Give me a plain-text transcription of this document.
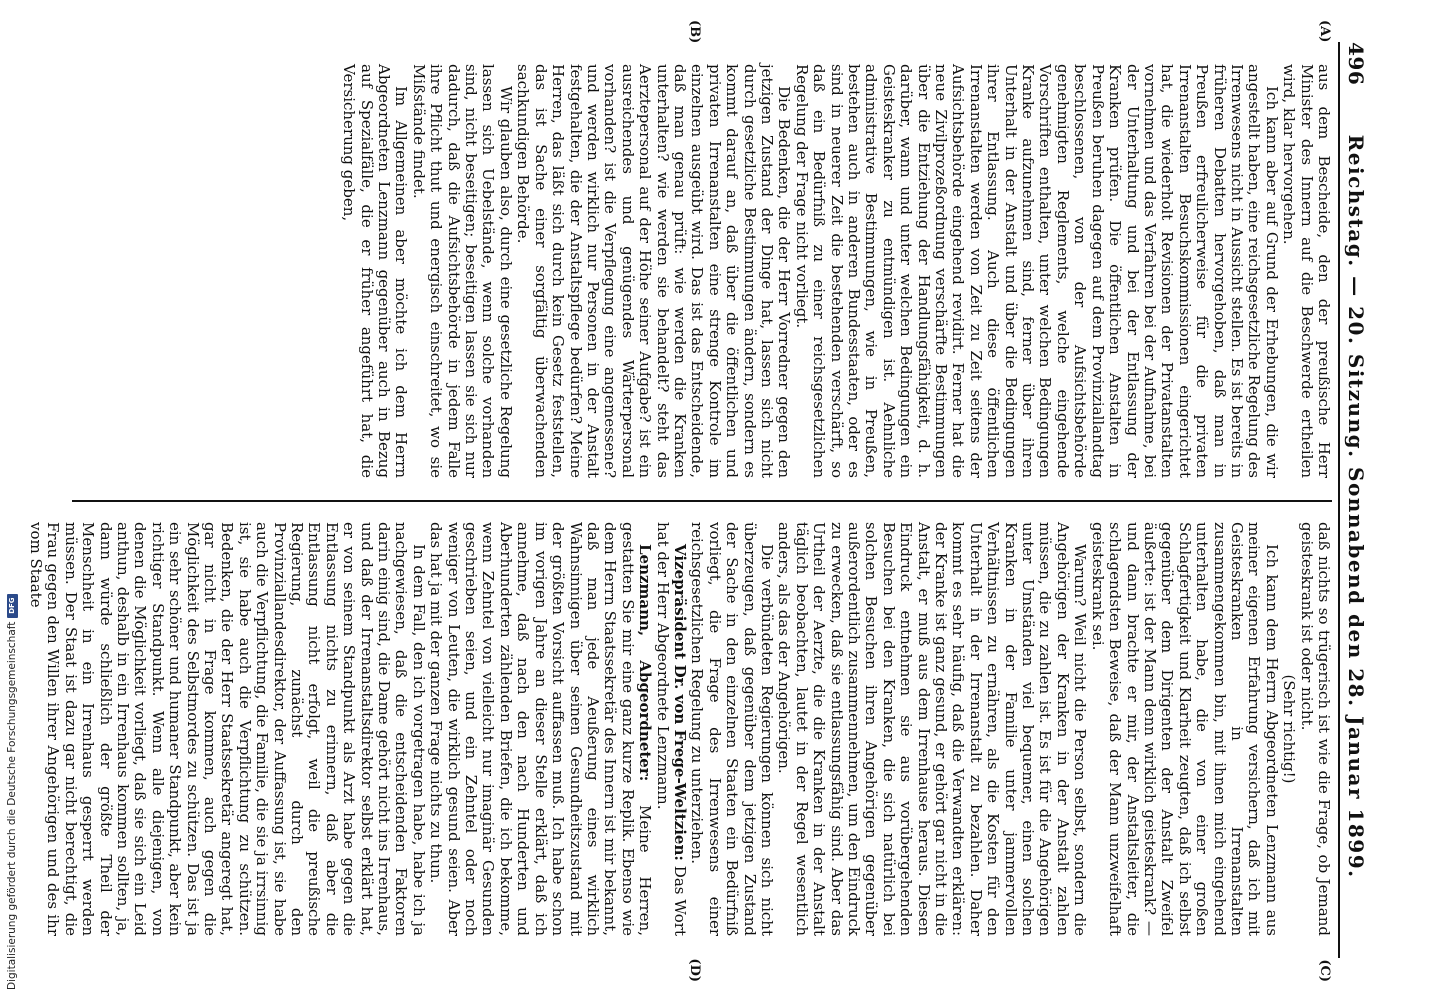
496
Reichstag. — 20. Sitzung. Sonnabend den 28. Januar 1899.
(A)
(B)
(C)
(D)

aus dem Bescheide, den der preußische Herr Minister des Innern auf die Beschwerde ertheilen wird, klar hervorgehen.

Ich kann aber auf Grund der Erhebungen, die wir angestellt haben, eine reichsgesetzliche Regelung des Irrenwesens nicht in Aussicht stellen. Es ist bereits in früheren Debatten hervorgehoben, daß man in Preußen erfreulicherweise für die privaten Irrenanstalten Besuchskommissionen eingerichtet hat, die wiederholt Revisionen der Privatanstalten vornehmen und das Verfahren bei der Aufnahme, bei der Unterhaltung und bei der Entlassung der Kranken prüfen. Die öffentlichen Anstalten in Preußen beruhen dagegen auf dem Provinziallandtag beschlossenen, von der Aufsichtsbehörde genehmigten Reglements, welche eingehende Vorschriften enthalten, unter welchen Bedingungen Kranke aufzunehmen sind, ferner über ihren Unterhalt in der Anstalt und über die Bedingungen ihrer Entlassung. Auch diese öffentlichen Irrenanstalten werden von Zeit zu Zeit seitens der Aufsichtsbehörde eingehend revidirt. Ferner hat die neue Zivilprozeßordnung verschärfte Bestimmungen über die Entziehung der Handlungsfähigkeit, d. h. darüber, wann und unter welchen Bedingungen ein Geisteskranker zu entmündigen ist. Aehnliche administrative Bestimmungen, wie in Preußen, bestehen auch in anderen Bundesstaaten, oder es sind in neuerer Zeit die bestehenden verschärft, so daß ein Bedürfniß zu einer reichsgesetzlichen Regelung der Frage nicht vorliegt.

Die Bedenken, die der Herr Vorredner gegen den jetzigen Zustand der Dinge hat, lassen sich nicht durch gesetzliche Bestimmungen ändern, sondern es kommt darauf an, daß über die öffentlichen und privaten Irrenanstalten eine strenge Kontrole im einzelnen ausgeübt wird. Das ist das Entscheidende, daß man genau prüft: wie werden die Kranken unterhalten? wie werden sie behandelt? steht das Aerztepersonal auf der Höhe seiner Aufgabe? ist ein ausreichendes und genügendes Wärterpersonal vorhanden? ist die Verpflegung eine angemessene? und werden wirklich nur Personen in der Anstalt festgehalten, die der Anstaltspflege bedürfen? Meine Herren, das läßt sich durch kein Gesetz feststellen, das ist Sache einer sorgfältig überwachenden sachkundigen Behörde.

Wir glauben also, durch eine gesetzliche Regelung lassen sich Uebelstände, wenn solche vorhanden sind, nicht beseitigen; beseitigen lassen sie sich nur dadurch, daß die Aufsichtsbehörde in jedem Falle ihre Pflicht thut und energisch einschreitet, wo sie Mißstände findet.

Im Allgemeinen aber möchte ich dem Herrn Abgeordneten Lenzmann gegenüber auch in Bezug auf Spezialfälle, die er früher angeführt hat, die Versicherung geben,

daß nichts so trügerisch ist wie die Frage, ob Jemand geisteskrank ist oder nicht.

(Sehr richtig!)

Ich kann dem Herrn Abgeordneten Lenzmann aus meiner eigenen Erfahrung versichern, daß ich mit Geisteskranken in Irrenanstalten zusammengekommen bin, mit ihnen mich eingehend unterhalten habe, die von einer großen Schlagfertigkeit und Klarheit zeugten, daß ich selbst gegenüber dem Dirigenten der Anstalt Zweifel äußerte: ist der Mann denn wirklich geisteskrank? — und dann brachte er mir, der Anstaltsleiter, die schlagendsten Beweise, daß der Mann unzweifelhaft geisteskrank sei.

Warum? Weil nicht die Person selbst, sondern die Angehörigen der Kranken in der Anstalt zahlen müssen, die zu zahlen ist. Es ist für die Angehörigen unter Umständen viel bequemer, einen solchen Kranken in der Familie unter jammervollen Verhältnissen zu ernähren, als die Kosten für den Unterhalt in der Irrenanstalt zu bezahlen. Daher kommt es sehr häufig, daß die Verwandten erklären: der Kranke ist ganz gesund, er gehört gar nicht in die Anstalt, er muß aus dem Irrenhause heraus. Diesen Eindruck entnehmen sie aus vorübergehenden Besuchen bei den Kranken, die sich natürlich bei solchen Besuchen ihren Angehörigen gegenüber außerordentlich zusammennehmen, um den Eindruck zu erwecken, daß sie entlassungsfähig sind. Aber das Urtheil der Aerzte, die die Kranken in der Anstalt täglich beobachten, lautet in der Regel wesentlich anders, als das der Angehörigen.

Die verbündeten Regierungen können sich nicht überzeugen, daß gegenüber dem jetzigen Zustand der Sache in den einzelnen Staaten ein Bedürfniß vorliegt, die Frage des Irrenwesens einer reichsgesetzlichen Regelung zu unterziehen.

Vizepräsident Dr. von Frege-Weltzien: Das Wort hat der Herr Abgeordnete Lenzmann.

Lenzmann, Abgeordneter: Meine Herren, gestatten Sie mir eine ganz kurze Replik. Ebenso wie dem Herrn Staatssekretär des Innern ist mir bekannt, daß man jede Aeußerung eines wirklich Wahnsinnigen über seinen Gesundheitszustand mit der größten Vorsicht auffassen muß. Ich habe schon im vorigen Jahre an dieser Stelle erklärt, daß ich annehme, daß nach den nach Hunderten und Aberhunderten zählenden Briefen, die ich bekomme, wenn Zehntel von vielleicht nur imaginär Gesunden geschrieben seien, und ein Zehntel oder noch weniger von Leuten, die wirklich gesund seien. Aber das hat ja mit der ganzen Frage nichts zu thun.

In dem Fall, den ich vorgetragen habe, habe ich ja nachgewiesen, daß die entscheidenden Faktoren darin einig sind, die Dame gehört nicht ins Irrenhaus, und daß der Irrenanstaltsdirektor selbst erklärt hat, er von seinem Standpunkt als Arzt habe gegen die Entlassung nichts zu erinnern, daß aber die Entlassung nicht erfolgt, weil die preußische Regierung, zunächst durch den Provinziallandesdirektor, der Auffassung ist, sie habe auch die Verpflichtung, die Familie, die sie ja irrsinnig ist, sie habe auch die Verpflichtung zu schützen. Bedenken, die der Herr Staatssekretär angeregt hat, gar nicht in Frage kommen, auch gegen die Möglichkeit des Selbstmordes zu schützen. Das ist ja ein sehr schöner und humaner Standpunkt, aber kein richtiger Standpunkt. Wenn alle diejenigen, von denen die Möglichkeit vorliegt, daß sie sich ein Leid anthun, deshalb in ein Irrenhaus kommen sollten, ja, dann würde schließlich der größte Theil der Menschheit in ein Irrenhaus gesperrt werden müssen. Der Staat ist dazu gar nicht berechtigt, die Frau gegen den Willen ihrer Angehörigen und des ihr vom Staate

Digitalisierung gefördert durch die Deutsche Forschungsgemeinschaft
DFG
